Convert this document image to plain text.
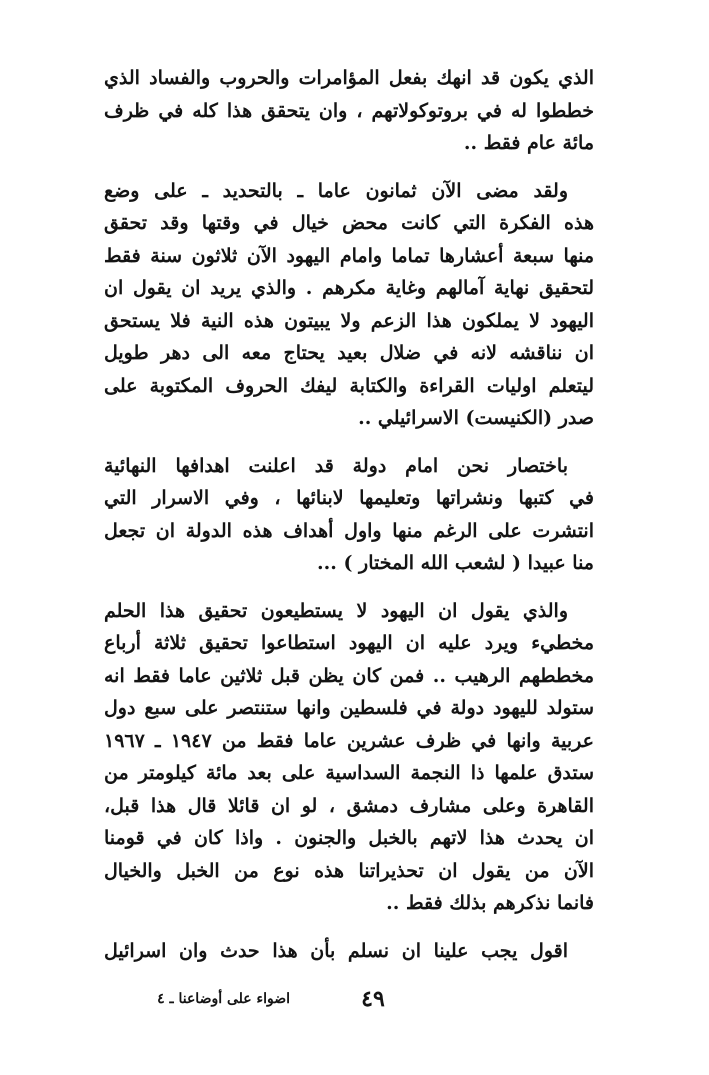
الذي يكون قد انهك بفعل المؤامرات والحروب والفساد الذي
خططوا له في بروتوكولاتهم ، وان يتحقق هذا كله في ظرف
مائة عام فقط ..
ولقد مضى الآن ثمانون عاما ـ بالتحديد ـ على وضع
هذه الفكرة التي كانت محض خيال في وقتها وقد تحقق
منها سبعة أعشارها تماما وامام اليهود الآن ثلاثون سنة فقط
لتحقيق نهاية آمالهم وغاية مكرهم . والذي يريد ان يقول ان
اليهود لا يملكون هذا الزعم ولا يبيتون هذه النية فلا يستحق
ان نناقشه لانه في ضلال بعيد يحتاج معه الى دهر طويل
ليتعلم اوليات القراءة والكتابة ليفك الحروف المكتوبة على
صدر (الكنيست) الاسرائيلي ..
باختصار نحن امام دولة قد اعلنت اهدافها النهائية
في كتبها ونشراتها وتعليمها لابنائها ، وفي الاسرار التي
انتشرت على الرغم منها واول أهداف هذه الدولة ان تجعل
منا عبيدا ( لشعب الله المختار ) ...
والذي يقول ان اليهود لا يستطيعون تحقيق هذا الحلم
مخطيء ويرد عليه ان اليهود استطاعوا تحقيق ثلاثة أرباع
مخططهم الرهيب .. فمن كان يظن قبل ثلاثين عاما فقط انه
ستولد لليهود دولة في فلسطين وانها ستنتصر على سبع دول
عربية وانها في ظرف عشرين عاما فقط من ١٩٤٧ ـ ١٩٦٧
ستدق علمها ذا النجمة السداسية على بعد مائة كيلومتر من
القاهرة وعلى مشارف دمشق ، لو ان قائلا قال هذا قبل،
ان يحدث هذا لاتهم بالخبل والجنون . واذا كان في قومنا
الآن من يقول ان تحذيراتنا هذه نوع من الخبل والخيال
فانما نذكرهم بذلك فقط ..
اقول يجب علينا ان نسلم بأن هذا حدث وان اسرائيل
٤٩
اضواء على أوضاعنا ـ ٤
